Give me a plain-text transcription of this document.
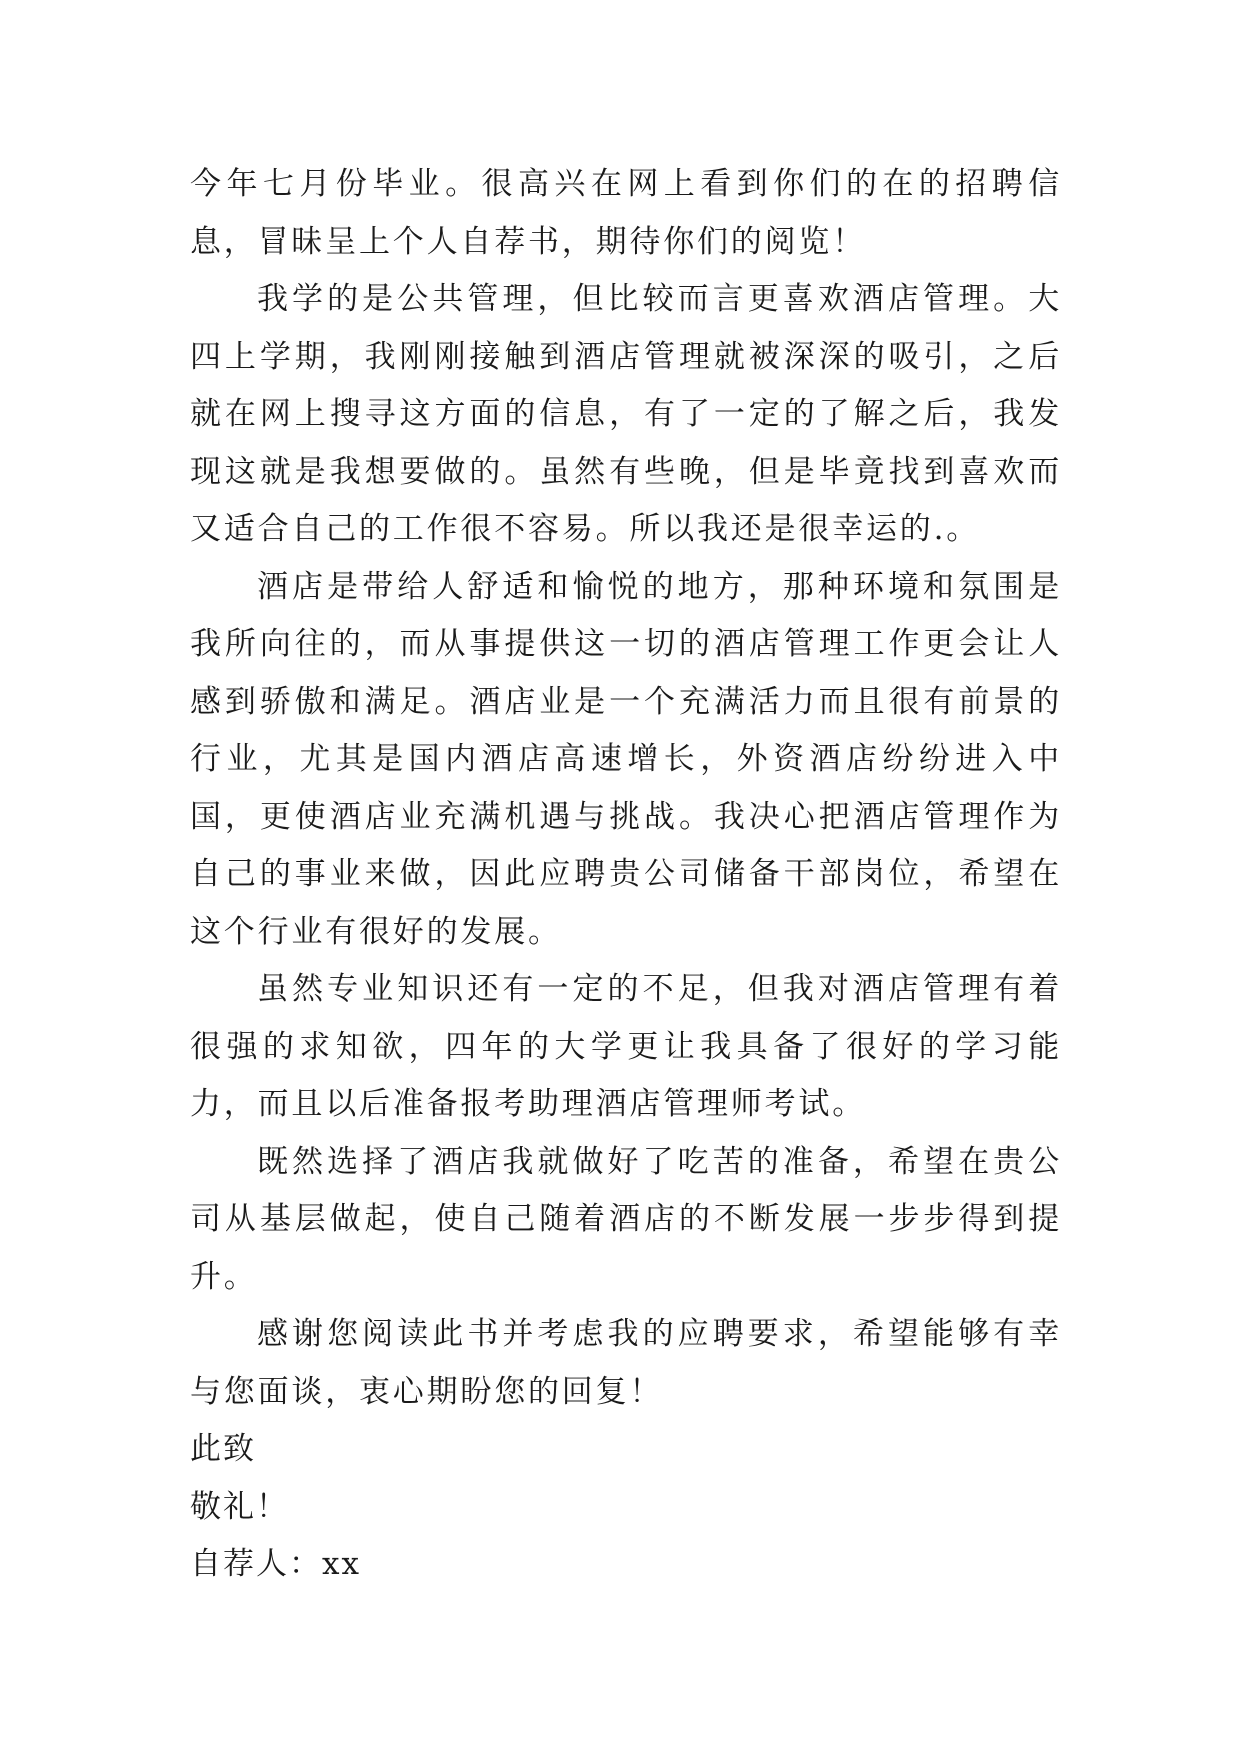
今年七月份毕业。很高兴在网上看到你们的在的招聘信息，冒昧呈上个人自荐书，期待你们的阅览！

我学的是公共管理，但比较而言更喜欢酒店管理。大四上学期，我刚刚接触到酒店管理就被深深的吸引，之后就在网上搜寻这方面的信息，有了一定的了解之后，我发现这就是我想要做的。虽然有些晚，但是毕竟找到喜欢而又适合自己的工作很不容易。所以我还是很幸运的.。

酒店是带给人舒适和愉悦的地方，那种环境和氛围是我所向往的，而从事提供这一切的酒店管理工作更会让人感到骄傲和满足。酒店业是一个充满活力而且很有前景的行业，尤其是国内酒店高速增长，外资酒店纷纷进入中国，更使酒店业充满机遇与挑战。我决心把酒店管理作为自己的事业来做，因此应聘贵公司储备干部岗位，希望在这个行业有很好的发展。

虽然专业知识还有一定的不足，但我对酒店管理有着很强的求知欲，四年的大学更让我具备了很好的学习能力，而且以后准备报考助理酒店管理师考试。

既然选择了酒店我就做好了吃苦的准备，希望在贵公司从基层做起，使自己随着酒店的不断发展一步步得到提升。

感谢您阅读此书并考虑我的应聘要求，希望能够有幸与您面谈，衷心期盼您的回复！

此致

敬礼！

自荐人：xx
